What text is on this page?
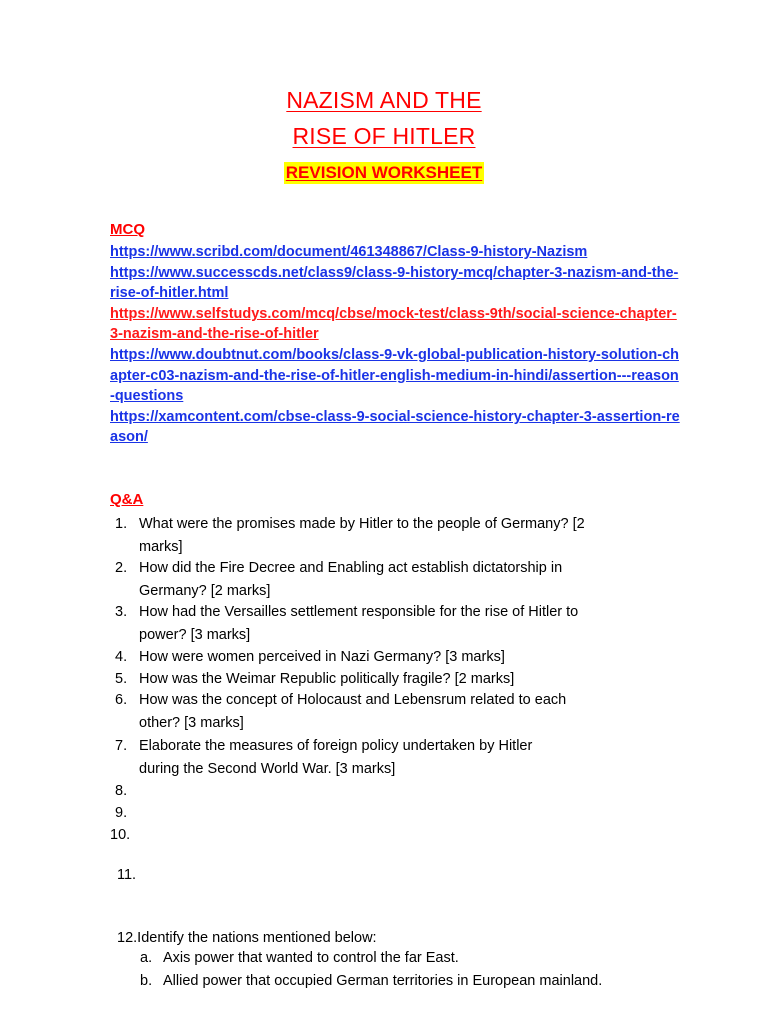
NAZISM AND THE
RISE OF HITLER
REVISION WORKSHEET
MCQ
https://www.scribd.com/document/461348867/Class-9-history-Nazism
https://www.successcds.net/class9/class-9-history-mcq/chapter-3-nazism-and-the-rise-of-hitler.html
https://www.selfstudys.com/mcq/cbse/mock-test/class-9th/social-science-chapter-3-nazism-and-the-rise-of-hitler
https://www.doubtnut.com/books/class-9-vk-global-publication-history-solution-chapter-c03-nazism-and-the-rise-of-hitler-english-medium-in-hindi/assertion---reason-questions
https://xamcontent.com/cbse-class-9-social-science-history-chapter-3-assertion-reason/
Q&A
1. What were the promises made by Hitler to the people of Germany? [2
marks]
2. How did the Fire Decree and Enabling act establish dictatorship in
Germany? [2 marks]
3. How had the Versailles settlement responsible for the rise of Hitler to
power? [3 marks]
4. How were women perceived in Nazi Germany? [3 marks]
5. How was the Weimar Republic politically fragile? [2 marks]
6. How was the concept of Holocaust and Lebensrum related to each
other? [3 marks]
7. Elaborate the measures of foreign policy undertaken by Hitler
during the Second World War. [3 marks]
8.
9.
10.
11.
12.Identify the nations mentioned below:
a. Axis power that wanted to control the far East.
b. Allied power that occupied German territories in European mainland.
